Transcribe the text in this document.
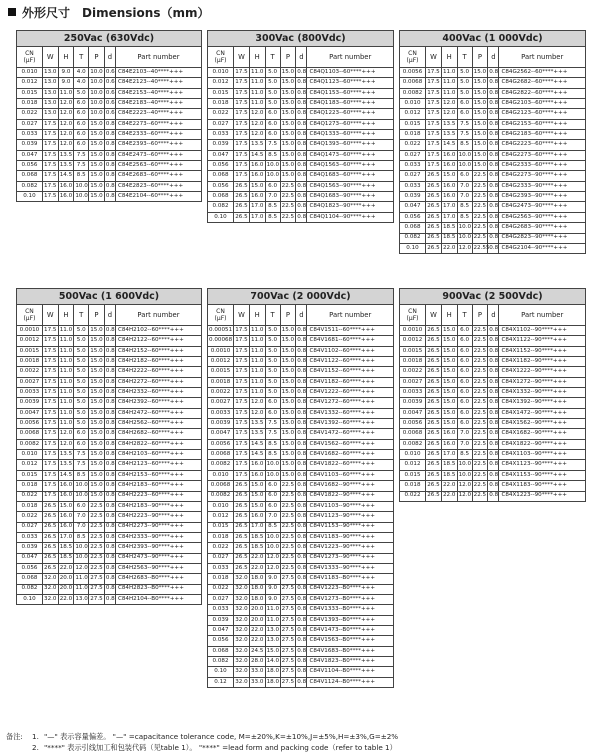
外形尺寸 Dimensions（mm）
250Vac (630Vdc)						
CN
(μF)	W	H	T	P	d	Part number
0.010	13.0	9.0	4.0	10.0	0.6	C84E2103--40****+++
0.012	13.0	9.0	4.0	10.0	0.6	C84E2123--40****+++
0.015	13.0	11.0	5.0	10.0	0.6	C84E2153--40****+++
0.018	13.0	12.0	6.0	10.0	0.6	C84E2183--40****+++
0.022	13.0	12.0	6.0	10.0	0.6	C84E2223--40****+++
0.027	17.5	12.0	6.0	15.0	0.8	C84E2273--60****+++
0.033	17.5	12.0	6.0	15.0	0.8	C84E2333--60****+++
0.039	17.5	12.0	6.0	15.0	0.8	C84E2393--60****+++
0.047	17.5	13.5	7.5	15.0	0.8	C84E2473--60****+++
0.056	17.5	13.5	7.5	15.0	0.8	C84E2563--60****+++
0.068	17.5	14.5	8.5	15.0	0.8	C84E2683--60****+++
0.082	17.5	16.0	10.0	15.0	0.8	C84E2823--60****+++
0.10	17.5	16.0	10.0	15.0	0.8	C84E2104--60****+++
300Vac (800Vdc)						
CN
(μF)	W	H	T	P	d	Part number
0.010	17.5	11.0	5.0	15.0	0.8	C84Q1103--60****+++
0.012	17.5	11.0	5.0	15.0	0.8	C84Q1123--60****+++
0.015	17.5	11.0	5.0	15.0	0.8	C84Q1153--60****+++
0.018	17.5	11.0	5.0	15.0	0.8	C84Q1183--60****+++
0.022	17.5	12.0	6.0	15.0	0.8	C84Q1223--60****+++
0.027	17.5	12.0	6.0	15.0	0.8	C84Q1273--60****+++
0.033	17.5	12.0	6.0	15.0	0.8	C84Q1333--60****+++
0.039	17.5	13.5	7.5	15.0	0.8	C84Q1393--60****+++
0.047	17.5	14.5	8.5	15.0	0.8	C84Q1473--60****+++
0.056	17.5	16.0	10.0	15.0	0.8	C84Q1563--60****+++
0.068	17.5	16.0	10.0	15.0	0.8	C84Q1683--60****+++
0.056	26.5	15.0	6.0	22.5	0.8	C84Q1563--90****+++
0.068	26.5	16.0	7.0	22.5	0.8	C84Q1683--90****+++
0.082	26.5	17.0	8.5	22.5	0.8	C84Q1823--90****+++
0.10	26.5	17.0	8.5	22.5	0.8	C84Q1104--90****+++
400Vac (1 000Vdc)						
CN
(μF)	W	H	T	P	d	Part number
0.0056	17.5	11.0	5.0	15.0	0.8	C84G2562--60****+++
0.0068	17.5	11.0	5.0	15.0	0.8	C84G2682--60****+++
0.0082	17.5	11.0	5.0	15.0	0.8	C84G2822--60****+++
0.010	17.5	12.0	6.0	15.0	0.8	C84G2103--60****+++
0.012	17.5	12.0	6.0	15.0	0.8	C84G2123--60****+++
0.015	17.5	13.5	7.5	15.0	0.8	C84G2153--60****+++
0.018	17.5	13.5	7.5	15.0	0.8	C84G2183--60****+++
0.022	17.5	14.5	8.5	15.0	0.8	C84G2223--60****+++
0.027	17.5	16.0	10.0	15.0	0.8	C84G2273--60****+++
0.033	17.5	16.0	10.0	15.0	0.8	C84G2333--60****+++
0.027	26.5	15.0	6.0	22.5	0.8	C84G2273--90****+++
0.033	26.5	16.0	7.0	22.5	0.8	C84G2333--90****+++
0.039	26.5	16.0	7.0	22.5	0.8	C84G2393--90****+++
0.047	26.5	17.0	8.5	22.5	0.8	C84G2473--90****+++
0.056	26.5	17.0	8.5	22.5	0.8	C84G2563--90****+++
0.068	26.5	18.5	10.0	22.5	0.8	C84G2683--90****+++
0.082	26.5	18.5	10.0	22.5	0.8	C84G2823--90****+++
0.10	26.5	22.0	12.0	22.55	0.8	C84G2104--90****+++
500Vac (1 600Vdc)						
CN
(μF)	W	H	T	P	d	Part number
0.0010	17.5	11.0	5.0	15.0	0.8	C84H2102--60****+++
0.0012	17.5	11.0	5.0	15.0	0.8	C84H2122--60****+++
0.0015	17.5	11.0	5.0	15.0	0.8	C84H2152--60****+++
0.0018	17.5	11.0	5.0	15.0	0.8	C84H2182--60****+++
0.0022	17.5	11.0	5.0	15.0	0.8	C84H2222--60****+++
0.0027	17.5	11.0	5.0	15.0	0.8	C84H2272--60****+++
0.0033	17.5	11.0	5.0	15.0	0.8	C84H2332--60****+++
0.0039	17.5	11.0	5.0	15.0	0.8	C84H2392--60****+++
0.0047	17.5	11.0	5.0	15.0	0.8	C84H2472--60****+++
0.0056	17.5	11.0	5.0	15.0	0.8	C84H2562--60****+++
0.0068	17.5	12.0	6.0	15.0	0.8	C84H2682--60****+++
0.0082	17.5	12.0	6.0	15.0	0.8	C84H2822--60****+++
0.010	17.5	13.5	7.5	15.0	0.8	C84H2103--60****+++
0.012	17.5	13.5	7.5	15.0	0.8	C84H2123--60****+++
0.015	17.5	14.5	8.5	15.0	0.8	C84H2153--60****+++
0.018	17.5	16.0	10.0	15.0	0.8	C84H2183--60****+++
0.022	17.5	16.0	10.0	15.0	0.8	C84H2223--60****+++
0.018	26.5	15.0	6.0	22.5	0.8	C84H2183--90****+++
0.022	26.5	16.0	7.0	22.5	0.8	C84H2223--90****+++
0.027	26.5	16.0	7.0	22.5	0.8	C84H2273--90****+++
0.033	26.5	17.0	8.5	22.5	0.8	C84H2333--90****+++
0.039	26.5	18.5	10.0	22.5	0.8	C84H2393--90****+++
0.047	26.5	18.5	10.0	22.5	0.8	C84H2473--90****+++
0.056	26.5	22.0	12.0	22.5	0.8	C84H2563--90****+++
0.068	32.0	20.0	11.0	27.5	0.8	C84H2683--B0****+++
0.082	32.0	20.0	11.0	27.5	0.8	C84H2823--B0****+++
0.10	32.0	22.0	13.0	27.5	0.8	C84H2104--B0****+++
700Vac (2 000Vdc)						
CN
(μF)	W	H	T	P	d	Part number
0.00051	17.5	11.0	5.0	15.0	0.8	C84V1511--60****+++
0.00068	17.5	11.0	5.0	15.0	0.8	C84V1681--60****+++
0.0010	17.5	11.0	5.0	15.0	0.8	C84V1102--60****+++
0.0012	17.5	11.0	5.0	15.0	0.8	C84V1122--60****+++
0.0015	17.5	11.0	5.0	15.0	0.8	C84V1152--60****+++
0.0018	17.5	11.0	5.0	15.0	0.8	C84V1182--60****+++
0.0022	17.5	11.0	5.0	15.0	0.8	C84V1222--60****+++
0.0027	17.5	12.0	6.0	15.0	0.8	C84V1272--60****+++
0.0033	17.5	12.0	6.0	15.0	0.8	C84V1332--60****+++
0.0039	17.5	13.5	7.5	15.0	0.8	C84V1392--60****+++
0.0047	17.5	13.5	7.5	15.0	0.8	C84V1472--60****+++
0.0056	17.5	14.5	8.5	15.0	0.8	C84V1562--60****+++
0.0068	17.5	14.5	8.5	15.0	0.8	C84V1682--60****+++
0.0082	17.5	16.0	10.0	15.0	0.8	C84V1822--60****+++
0.010	17.5	16.0	10.0	15.0	0.8	C84V1103--60****+++
0.0068	26.5	15.0	6.0	22.5	0.8	C84V1682--90****+++
0.0082	26.5	15.0	6.0	22.5	0.8	C84V1822--90****+++
0.010	26.5	15.0	6.0	22.5	0.8	C84V1103--90****+++
0.012	26.5	16.0	7.0	22.5	0.8	C84V1123--90****+++
0.015	26.5	17.0	8.5	22.5	0.8	C84V1153--90****+++
0.018	26.5	18.5	10.0	22.5	0.8	C84V1183--90****+++
0.022	26.5	18.5	10.0	22.5	0.8	C84V1223--90****+++
0.027	26.5	22.0	12.0	22.5	0.8	C84V1273--90****+++
0.033	26.5	22.0	12.0	22.5	0.8	C84V1333--90****+++
0.018	32.0	18.0	9.0	27.5	0.8	C84V1183--B0****+++
0.022	32.0	18.0	9.0	27.5	0.8	C84V1223--B0****+++
0.027	32.0	18.0	9.0	27.5	0.8	C84V1273--B0****+++
0.033	32.0	20.0	11.0	27.5	0.8	C84V1333--B0****+++
0.039	32.0	20.0	11.0	27.5	0.8	C84V1393--B0****+++
0.047	32.0	22.0	13.0	27.5	0.8	C84V1473--B0****+++
0.056	32.0	22.0	13.0	27.5	0.8	C84V1563--B0****+++
0.068	32.0	24.5	15.0	27.5	0.8	C84V1683--B0****+++
0.082	32.0	28.0	14.0	27.5	0.8	C84V1823--B0****+++
0.10	32.0	33.0	18.0	27.5	0.8	C84V1104--B0****+++
0.12	32.0	33.0	18.0	27.5	0.8	C84V1124--B0****+++
900Vac (2 500Vdc)						
CN
(μF)	W	H	T	P	d	Part number
0.0010	26.5	15.0	6.0	22.5	0.8	C84X1102--90****+++
0.0012	26.5	15.0	6.0	22.5	0.8	C84X1122--90****+++
0.0015	26.5	15.0	6.0	22.5	0.8	C84X1152--90****+++
0.0018	26.5	15.0	6.0	22.5	0.8	C84X1182--90****+++
0.0022	26.5	15.0	6.0	22.5	0.8	C84X1222--90****+++
0.0027	26.5	15.0	6.0	22.5	0.8	C84X1272--90****+++
0.0033	26.5	15.0	6.0	22.5	0.8	C84X1332--90****+++
0.0039	26.5	15.0	6.0	22.5	0.8	C84X1392--90****+++
0.0047	26.5	15.0	6.0	22.5	0.8	C84X1472--90****+++
0.0056	26.5	15.0	6.0	22.5	0.8	C84X1562--90****+++
0.0068	26.5	16.0	7.0	22.5	0.8	C84X1682--90****+++
0.0082	26.5	16.0	7.0	22.5	0.8	C84X1822--90****+++
0.010	26.5	17.0	8.5	22.5	0.8	C84X1103--90****+++
0.012	26.5	18.5	10.0	22.5	0.8	C84X1123--90****+++
0.015	26.5	18.5	10.0	22.5	0.8	C84X1153--90****+++
0.018	26.5	22.0	12.0	22.5	0.8	C84X1183--90****+++
0.022	26.5	22.0	12.0	22.5	0.8	C84X1223--90****+++
备注:	1. "—" 表示容量偏差。 "—" =capacitance tolerance code, M=±20%,K=±10%,J=±5%,H=±3%,G=±2%
2. "****" 表示引线加工和包装代码（见table 1）。 "****" =lead form and packing code（refer to table 1）
